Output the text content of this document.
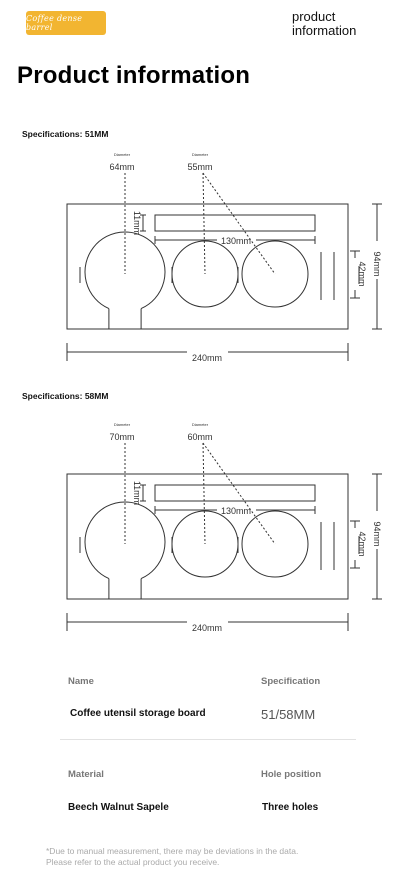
Coffee dense barrel
product
information
Product information
Specifications: 51MM
Diameter
64mm
Diameter
55mm
11mm
130mm
94mm
42mm
240mm
Specifications: 58MM
Diameter
70mm
Diameter
60mm
11mm
130mm
94mm
42mm
240mm
Name	Specification
Coffee utensil storage board	51/58MM
Material	Hole position
Beech Walnut Sapele	Three holes
*Due to manual measurement, there may be deviations in the data.
Please refer to the actual product you receive.
